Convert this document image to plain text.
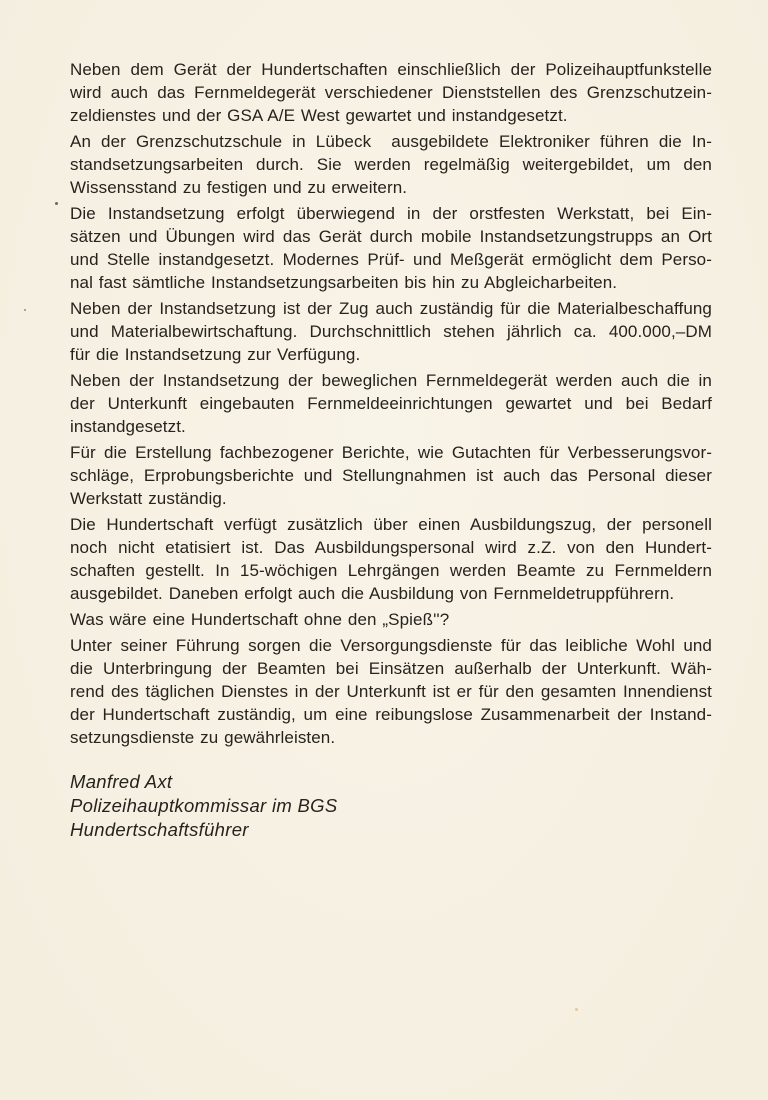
Neben dem Gerät der Hundertschaften einschließlich der Polizeihauptfunkstelle
wird auch das Fernmeldegerät verschiedener Dienststellen des Grenzschutzein-
zeldienstes und der GSA A/E West gewartet und instandgesetzt.

An der Grenzschutzschule in Lübeck  ausgebildete Elektroniker führen die In-
standsetzungsarbeiten durch. Sie werden regelmäßig weitergebildet, um den
Wissensstand zu festigen und zu erweitern.

Die Instandsetzung erfolgt überwiegend in der orstfesten Werkstatt, bei Ein-
sätzen und Übungen wird das Gerät durch mobile Instandsetzungstrupps an Ort
und Stelle instandgesetzt. Modernes Prüf- und Meßgerät ermöglicht dem Perso-
nal fast sämtliche Instandsetzungsarbeiten bis hin zu Abgleicharbeiten.

Neben der Instandsetzung ist der Zug auch zuständig für die Materialbeschaffung
und Materialbewirtschaftung. Durchschnittlich stehen jährlich ca. 400.000,–DM
für die Instandsetzung zur Verfügung.

Neben der Instandsetzung der beweglichen Fernmeldegerät werden auch die in
der Unterkunft eingebauten Fernmeldeeinrichtungen gewartet und bei Bedarf
instandgesetzt.

Für die Erstellung fachbezogener Berichte, wie Gutachten für Verbesserungsvor-
schläge, Erprobungsberichte und Stellungnahmen ist auch das Personal dieser
Werkstatt zuständig.

Die Hundertschaft verfügt zusätzlich über einen Ausbildungszug, der personell
noch nicht etatisiert ist. Das Ausbildungspersonal wird z.Z. von den Hundert-
schaften gestellt. In 15-wöchigen Lehrgängen werden Beamte zu Fernmeldern
ausgebildet. Daneben erfolgt auch die Ausbildung von Fernmeldetruppführern.

Was wäre eine Hundertschaft ohne den „Spieß''?

Unter seiner Führung sorgen die Versorgungsdienste für das leibliche Wohl und
die Unterbringung der Beamten bei Einsätzen außerhalb der Unterkunft. Wäh-
rend des täglichen Dienstes in der Unterkunft ist er für den gesamten Innendienst
der Hundertschaft zuständig, um eine reibungslose Zusammenarbeit der Instand-
setzungsdienste zu gewährleisten.

Manfred Axt
Polizeihauptkommissar im BGS
Hundertschaftsführer
